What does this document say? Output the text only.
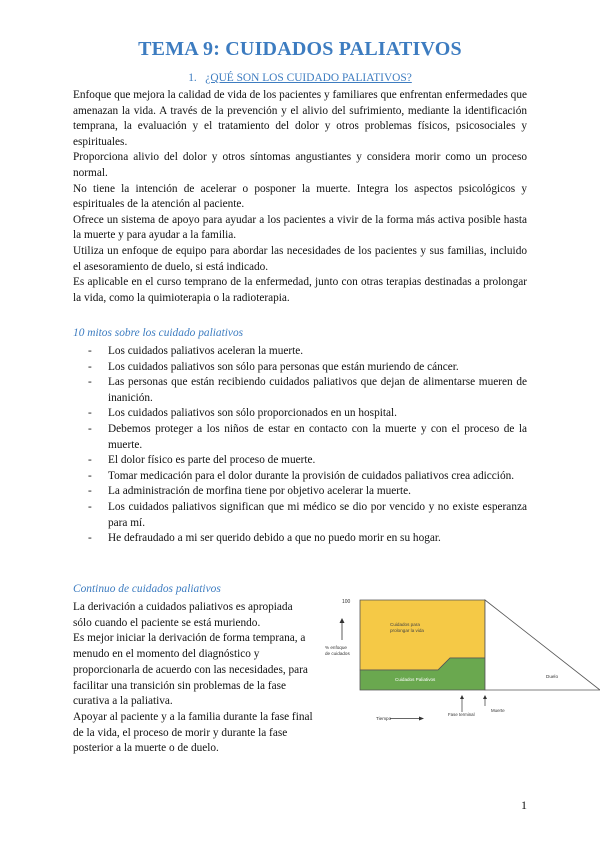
TEMA 9: CUIDADOS PALIATIVOS
1. ¿QUÉ SON LOS CUIDADO PALIATIVOS?

Enfoque que mejora la calidad de vida de los pacientes y familiares que enfrentan enfermedades que amenazan la vida. A través de la prevención y el alivio del sufrimiento, mediante la identificación temprana, la evaluación y el tratamiento del dolor y otros problemas físicos, psicosociales y espirituales.

Proporciona alivio del dolor y otros síntomas angustiantes y considera morir como un proceso normal.

No tiene la intención de acelerar o posponer la muerte. Integra los aspectos psicológicos y espirituales de la atención al paciente.

Ofrece un sistema de apoyo para ayudar a los pacientes a vivir de la forma más activa posible hasta la muerte y para ayudar a la familia.

Utiliza un enfoque de equipo para abordar las necesidades de los pacientes y sus familias, incluido el asesoramiento de duelo, si está indicado.

Es aplicable en el curso temprano de la enfermedad, junto con otras terapias destinadas a prolongar la vida, como la quimioterapia o la radioterapia.

10 mitos sobre los cuidado paliativos
- Los cuidados paliativos aceleran la muerte.
- Los cuidados paliativos son sólo para personas que están muriendo de cáncer.
- Las personas que están recibiendo cuidados paliativos que dejan de alimentarse mueren de inanición.
- Los cuidados paliativos son sólo proporcionados en un hospital.
- Debemos proteger a los niños de estar en contacto con la muerte y con el proceso de la muerte.
- El dolor físico es parte del proceso de muerte.
- Tomar medicación para el dolor durante la provisión de cuidados paliativos crea adicción.
- La administración de morfina tiene por objetivo acelerar la muerte.
- Los cuidados paliativos significan que mi médico se dio por vencido y no existe esperanza para mí.
- He defraudado a mi ser querido debido a que no puedo morir en su hogar.
Continuo de cuidados paliativos

La derivación a cuidados paliativos es apropiada sólo cuando el paciente se está muriendo.

Es mejor iniciar la derivación de forma temprana, a menudo en el momento del diagnóstico y proporcionarla de acuerdo con las necesidades, para facilitar una transición sin problemas de la fase curativa a la paliativa.

Apoyar al paciente y a la familia durante la fase final de la vida, el proceso de morir y durante la fase posterior a la muerte o de duelo.

100
% enfoque
de cuidados
Cuidados para
prolongar la vida
Cuidados Paliativos
Duelo
Fase terminal
Muerte
Tiempo
1
